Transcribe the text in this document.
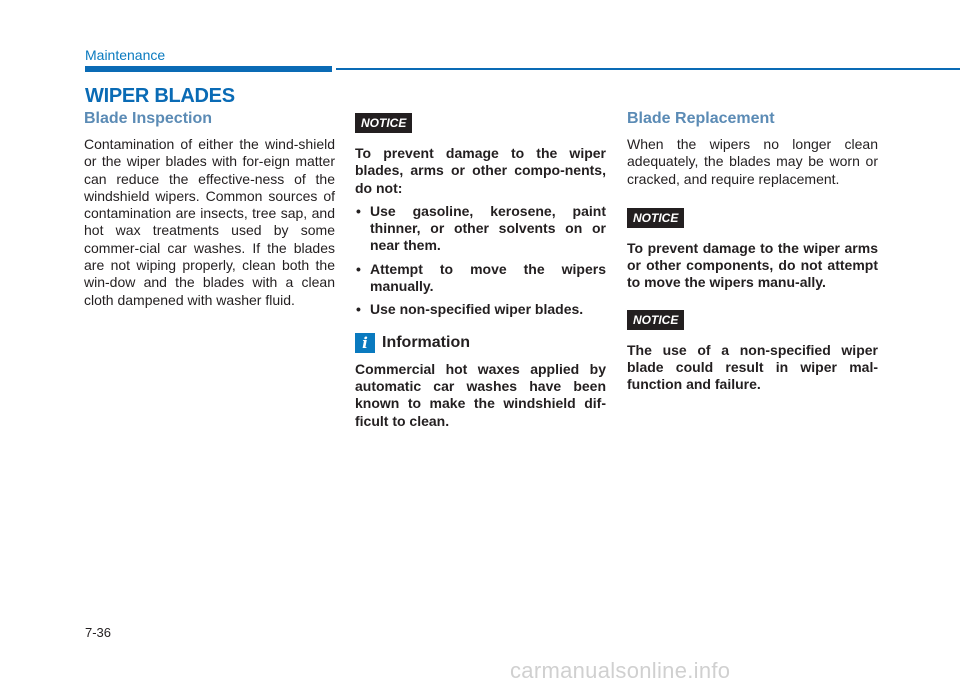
Maintenance
WIPER BLADES
Blade Inspection

Contamination of either the wind-shield or the wiper blades with for-eign matter can reduce the effective-ness of the windshield wipers. Common sources of contamination are insects, tree sap, and hot wax treatments used by some commer-cial car washes. If the blades are not wiping properly, clean both the win-dow and the blades with a clean cloth dampened with washer fluid.

NOTICE

To prevent damage to the wiper blades, arms or other compo-nents, do not:

• Use gasoline, kerosene, paint thinner, or other solvents on or near them.
• Attempt to move the wipers manually.
• Use non-specified wiper blades.
i Information

Commercial hot waxes applied by automatic car washes have been known to make the windshield dif-ficult to clean.

Blade Replacement

When the wipers no longer clean adequately, the blades may be worn or cracked, and require replacement.

NOTICE

To prevent damage to the wiper arms or other components, do not attempt to move the wipers manu-ally.

NOTICE

The use of a non-specified wiper blade could result in wiper mal-function and failure.

7-36
carmanualsonline.info
